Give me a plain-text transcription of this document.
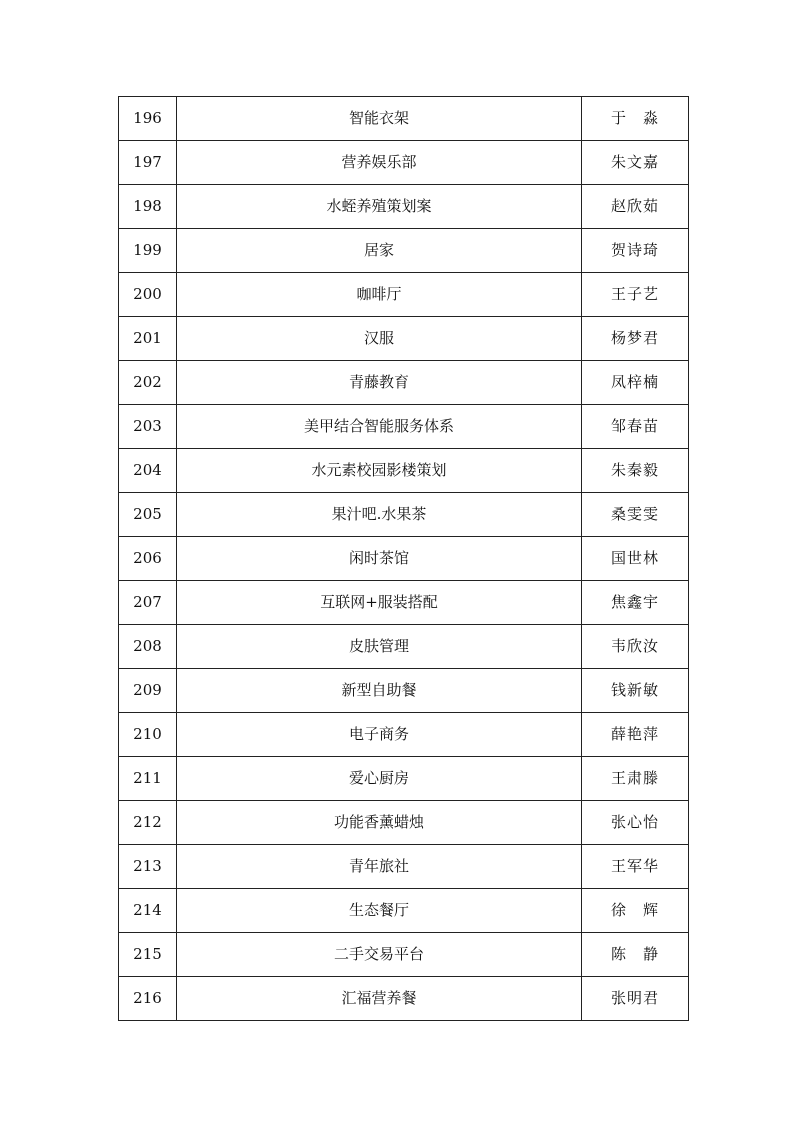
196	智能衣架	于　淼
197	营养娱乐部	朱文嘉
198	水蛭养殖策划案	赵欣茹
199	居家	贺诗琦
200	咖啡厅	王子艺
201	汉服	杨梦君
202	青藤教育	凤梓楠
203	美甲结合智能服务体系	邹春苗
204	水元素校园影楼策划	朱秦毅
205	果汁吧.水果茶	桑雯雯
206	闲时茶馆	国世林
207	互联网+服装搭配	焦鑫宇
208	皮肤管理	韦欣汝
209	新型自助餐	钱新敏
210	电子商务	薛艳萍
211	爱心厨房	王肃滕
212	功能香薰蜡烛	张心怡
213	青年旅社	王军华
214	生态餐厅	徐　辉
215	二手交易平台	陈　静
216	汇福营养餐	张明君
